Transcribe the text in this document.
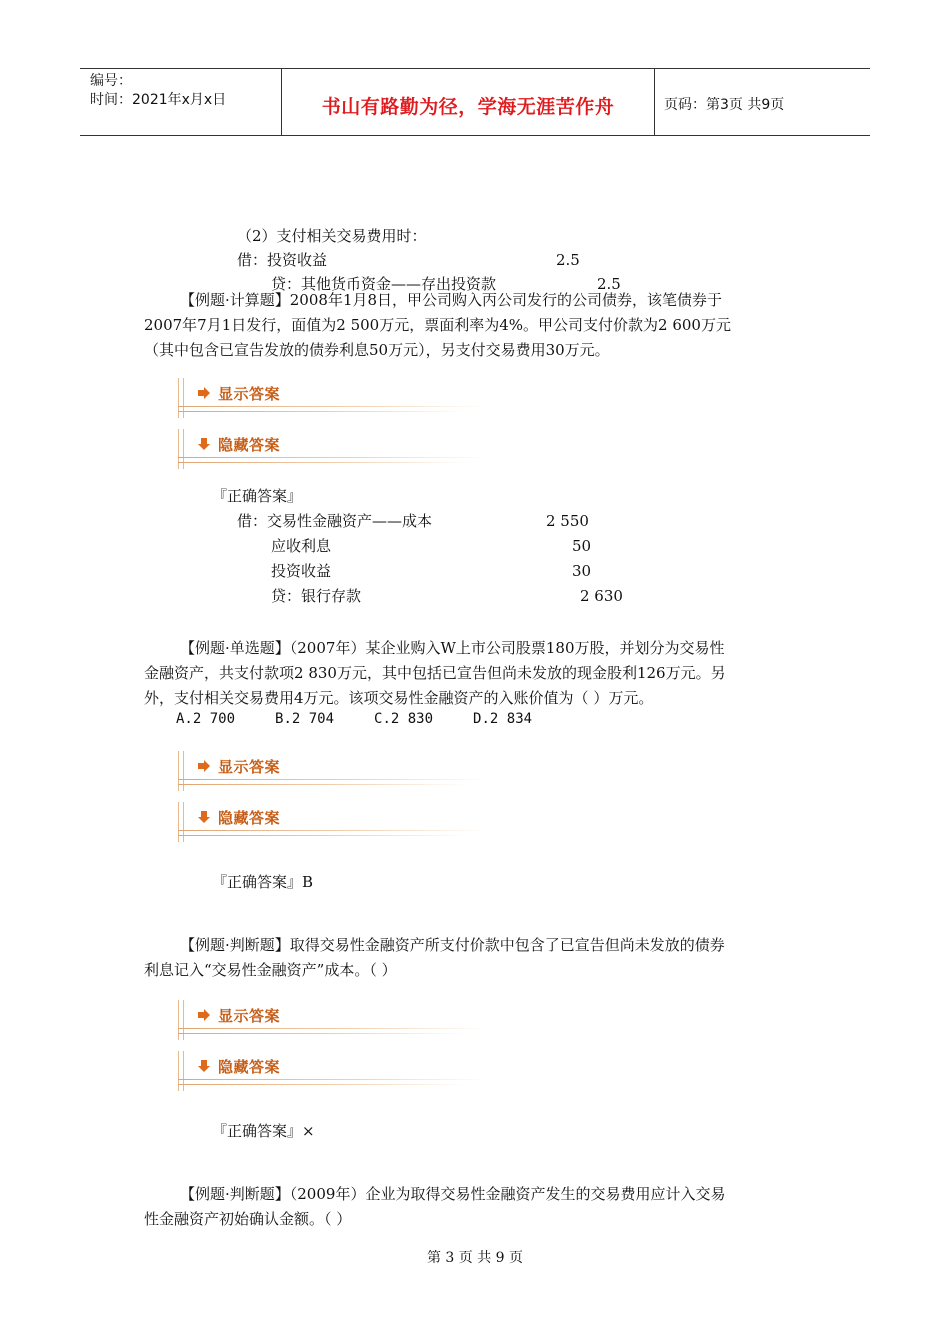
编号：
时间：2021年x月x日	书山有路勤为径，学海无涯苦作舟	页码：第3页 共9页
（2）支付相关交易费用时：
借：投资收益	2.5
贷：其他货币资金——存出投资款	2.5
【例题·计算题】2008年1月8日，甲公司购入丙公司发行的公司债券，该笔债券于
2007年7月1日发行，面值为2 500万元，票面利率为4%。甲公司支付价款为2 600万元
（其中包含已宣告发放的债券利息50万元），另支付交易费用30万元。
显示答案
隐藏答案
『正确答案』
借：交易性金融资产——成本	2 550
应收利息	50
投资收益	30
贷：银行存款	2 630
【例题·单选题】（2007年）某企业购入W上市公司股票180万股，并划分为交易性
金融资产，共支付款项2 830万元，其中包括已宣告但尚未发放的现金股利126万元。另
外，支付相关交易费用4万元。该项交易性金融资产的入账价值为（ ）万元。
A.2 700	B.2 704	C.2 830	D.2 834
显示答案
隐藏答案
『正确答案』B
【例题·判断题】取得交易性金融资产所支付价款中包含了已宣告但尚未发放的债券
利息记入“交易性金融资产”成本。（ ）
显示答案
隐藏答案
『正确答案』×
【例题·判断题】（2009年）企业为取得交易性金融资产发生的交易费用应计入交易
性金融资产初始确认金额。（ ）
第 3 页 共 9 页
